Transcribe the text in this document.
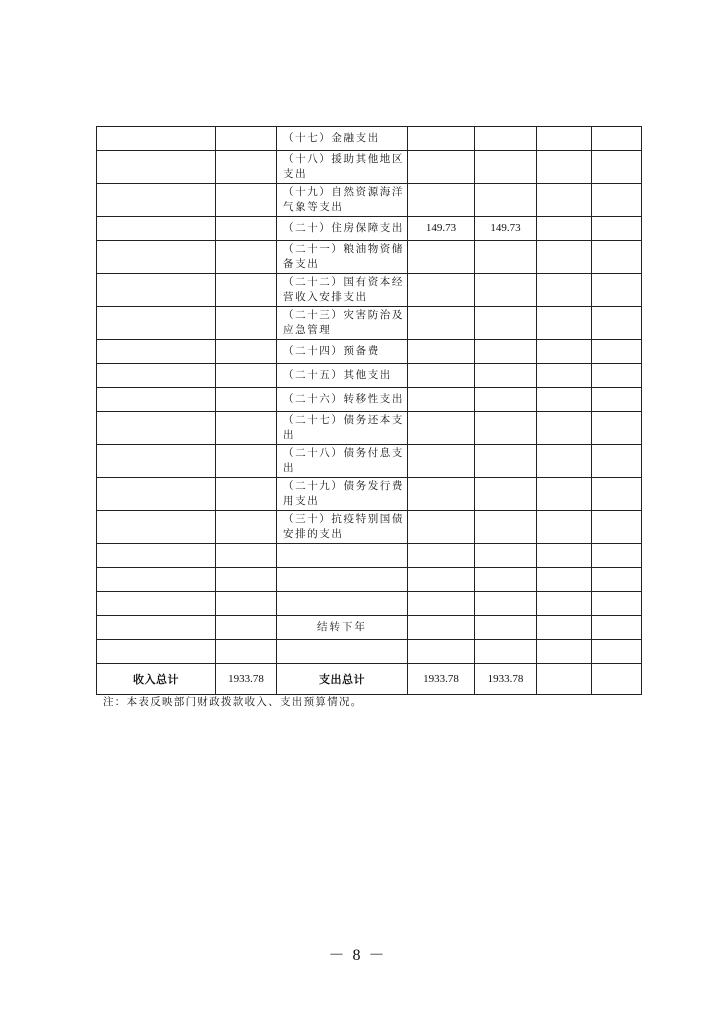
		（十七）金融支出				
		（十八）援助其他地区支出				
		（十九）自然资源海洋气象等支出				
		（二十）住房保障支出	149.73	149.73		
		（二十一）粮油物资储备支出				
		（二十二）国有资本经营收入安排支出				
		（二十三）灾害防治及应急管理				
		（二十四）预备费				
		（二十五）其他支出				
		（二十六）转移性支出				
		（二十七）债务还本支出				
		（二十八）债务付息支出				
		（二十九）债务发行费用支出				
		（三十）抗疫特别国债安排的支出				

		结转下年				

收入总计	1933.78	支出总计	1933.78	1933.78		
注：本表反映部门财政拨款收入、支出预算情况。
－ 8 －
